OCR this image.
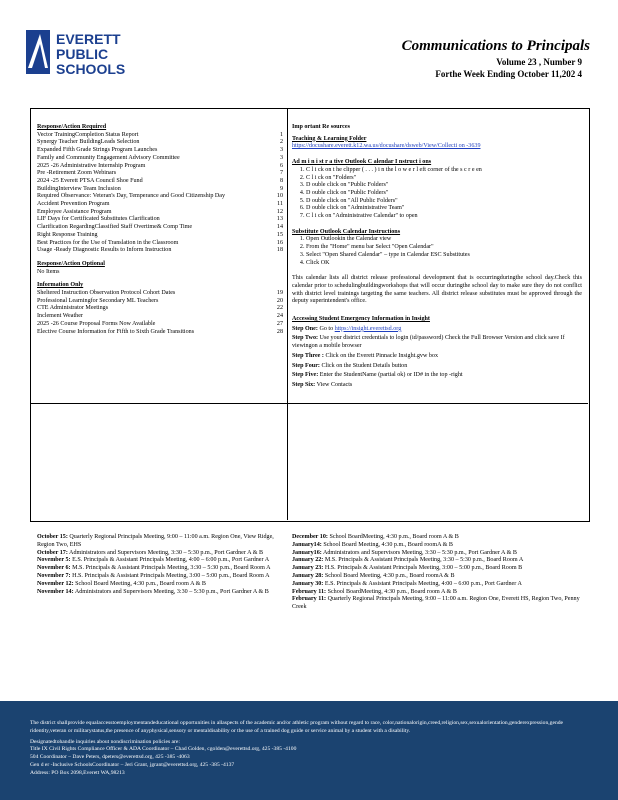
EVERETT
PUBLIC
SCHOOLS
Communications to Principals
Volume 23 , Number 9
Forthe Week Ending October 11,202 4
Response/Action Required
Vector TrainingCompletion Status Report	1
Synergy Teacher BuildingLeads Selection	2
Expanded Fifth Grade Strings Program Launches	3
Family and Community Engagement Advisory Committee	3
2025 -26 Administrative Internship Program	6
Pre -Retirement Zoom Webinars	7
2024 -25 Everett PTSA Council Shoe Fund	8
BuildingInterview Team Inclusion	9
Required Observance: Veteran's Day, Temperance and Good Citizenship Day	10
Accident Prevention Program	11
Employee Assistance Program	12
LIF Days for Certificated Substitutes Clarification	13
Clarification RegardingClassified Staff Overtime& Comp Time	14
Right Response Training	15
Best Practices for the Use of Translation in the Classroom	16
Usage -Ready Diagnostic Results to Inform Instruction	18
Response/Action Optional
No Items
Information Only
Sheltered Instruction Observation Protocol Cohort Dates	19
Professional Learningfor Secondary ML Teachers	20
CTE Administrator Meetings	22
Inclement Weather	24
2025 -26 Course Proposal Forms Now Available	27
Elective Course Information for Fifth to Sixth Grade Transitions	28
Imp ortant Re sources
Teaching & Learning Folder
https://docushare.everett.k12.wa.us/docushare/dsweb/View/Collecti on -3639
Ad m i n i st r a tive Outlook C alendar I nstruct i ons
1. C l i ck on t he clipper ( . . . ) i n the l o w e r l eft corner of the s c r e en
2. C l i ck on "Folders"
3. D ouble click on "Public Folders"
4. D ouble click on "Public Folders"
5. D ouble click on "All Public Folders"
6. D ouble click on "Administrative Team"
7. C l i ck on "Administrative Calendar" to open
Substitute Outlook Calendar Instructions
1. Open Outlookin the Calendar view
2. From the "Home" menu bar Select "Open Calendar"
3. Select "Open Shared Calendar" – type in Calendar ESC Substitutes
4. Click OK
This calendar lists all district release professional development that is occurringduringthe school day.Check this calendar prior to schedulingbuildingworkshops that will occur duringthe school day to make sure they do not conflict with district level trainings targeting the same teachers. All district release substitutes must be approved through the deputy superintendent's office.
Accessing Student Emergency Information in Insight
Step One: Go to https://insight.everettsd.org
Step Two: Use your district credentials to login (id/password) Check the Full Browser Version and click save If viewingon a mobile browser
Step Three : Click on the Everett Pinnacle Insight.gvw box
Step Four: Click on the Student Details button
Step Five: Enter the StudentName (partial ok) or ID# in the top -right
Step Six: View Contacts
October 15: Quarterly Regional Principals Meeting, 9:00 – 11:00 a.m. Region One, View Ridge, Region Two, EHS
October 17: Administrators and Supervisors Meeting, 3:30 – 5:30 p.m., Port Gardner A & B
November 5: E.S. Principals & Assistant Principals Meeting, 4:00 – 6:00 p.m., Port Gardner A
November 6: M.S. Principals & Assistant Principals Meeting, 3:30 – 5:30 p.m., Board Room A
November 7: H.S. Principals & Assistant Principals Meeting, 3:00 – 5:00 p.m., Board Room A
November 12: School Board Meeting, 4:30 p.m., Board room A & B
November 14: Administrators and Supervisors Meeting, 3:30 – 5:30 p.m., Port Gardner A & B
December 10: School BoardMeeting, 4:30 p.m., Board room A & B
January14: School Board Meeting, 4:30 p.m., Board roomA & B
January16: Administrators and Supervisors Meeting, 3:30 – 5:30 p.m., Port Gardner A & B
January 22: M.S. Principals & Assistant Principals Meeting, 3:30 – 5:30 p.m., Board Room A
January 23: H.S. Principals & Assistant Principals Meeting, 3:00 – 5:00 p.m., Board Room B
January 28: School Board Meeting, 4:30 p.m., Board roomA & B
January 30: E.S. Principals & Assistant Principals Meeting, 4:00 – 6:00 p.m., Port Gardner A
February 11: School BoardMeeting, 4:30 p.m., Board room A & B
February 11: Quarterly Regional Principals Meeting, 9:00 – 11:00 a.m. Region One, Everett HS, Region Two, Penny Creek
The district shallprovide equalaccesstoemploymentandeducational opportunities in allaspects of the academic and/or athletic program without regard to race, color,nationalorigin,creed,religion,sex,sexualorientation,genderexpression,gende ridentity,veteran or militarystatus,the presence of anyphysical,sensory or mentaldisability or the use of a trained dog guide or service animal by a student with a disability.
Designatedtohandle inquiries about nondiscrimination policies are:
Title IX Civil Rights Compliance Officer & ADA Coordinator – Chad Golden, cgolden@everettsd.org, 425 -385 -4100
504 Coordinator – Dave Peters, dpeters@everettsd.org, 425 -385 -4063
Gen d er -Inclusive SchoolsCoordinator – Jeri Grant, jgrant@everettsd.org, 425 -385 -4137
Address: PO Box 2098,Everett WA,98213
